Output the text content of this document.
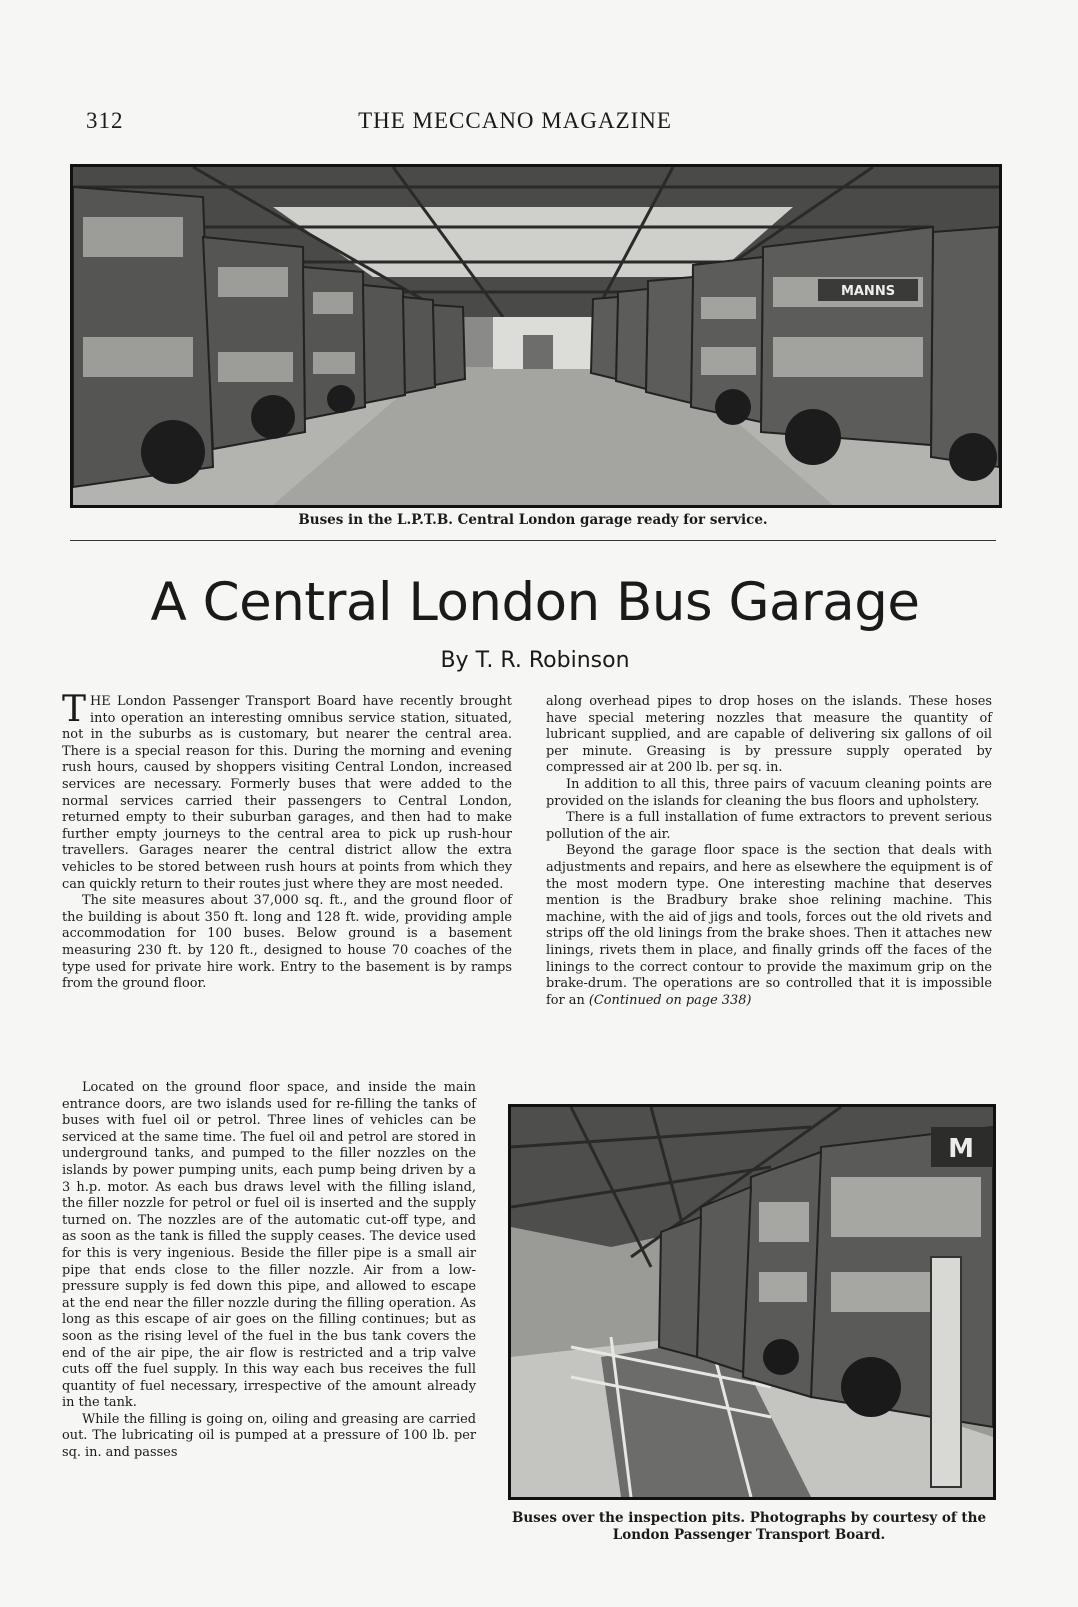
312	THE MECCANO MAGAZINE
MANNS
Buses in the L.P.T.B. Central London garage ready for service.
A Central London Bus Garage
By T. R. Robinson

THE London Passenger Transport Board have recently brought into operation an interesting omnibus service station, situated, not in the suburbs as is customary, but nearer the central area. There is a special reason for this. During the morning and evening rush hours, caused by shoppers visiting Central London, increased services are necessary. Formerly buses that were added to the normal services carried their passengers to Central London, returned empty to their suburban garages, and then had to make further empty journeys to the central area to pick up rush-hour travellers. Garages nearer the central district allow the extra vehicles to be stored between rush hours at points from which they can quickly return to their routes just where they are most needed.

The site measures about 37,000 sq. ft., and the ground floor of the building is about 350 ft. long and 128 ft. wide, providing ample accommodation for 100 buses. Below ground is a basement measuring 230 ft. by 120 ft., designed to house 70 coaches of the type used for private hire work. Entry to the basement is by ramps from the ground floor.

Located on the ground floor space, and inside the main entrance doors, are two islands used for re-filling the tanks of buses with fuel oil or petrol. Three lines of vehicles can be serviced at the same time. The fuel oil and petrol are stored in underground tanks, and pumped to the filler nozzles on the islands by power pumping units, each pump being driven by a 3 h.p. motor. As each bus draws level with the filling island, the filler nozzle for petrol or fuel oil is inserted and the supply turned on. The nozzles are of the automatic cut-off type, and as soon as the tank is filled the supply ceases. The device used for this is very ingenious. Beside the filler pipe is a small air pipe that ends close to the filler nozzle. Air from a low-pressure supply is fed down this pipe, and allowed to escape at the end near the filler nozzle during the filling operation. As long as this escape of air goes on the filling continues; but as soon as the rising level of the fuel in the bus tank covers the end of the air pipe, the air flow is restricted and a trip valve cuts off the fuel supply. In this way each bus receives the full quantity of fuel necessary, irrespective of the amount already in the tank.

While the filling is going on, oiling and greasing are carried out. The lubricating oil is pumped at a pressure of 100 lb. per sq. in. and passes

along overhead pipes to drop hoses on the islands. These hoses have special metering nozzles that measure the quantity of lubricant supplied, and are capable of delivering six gallons of oil per minute. Greasing is by pressure supply operated by compressed air at 200 lb. per sq. in.

In addition to all this, three pairs of vacuum cleaning points are provided on the islands for cleaning the bus floors and upholstery.

There is a full installation of fume extractors to prevent serious pollution of the air.

Beyond the garage floor space is the section that deals with adjustments and repairs, and here as elsewhere the equipment is of the most modern type. One interesting machine that deserves mention is the Bradbury brake shoe relining machine. This machine, with the aid of jigs and tools, forces out the old rivets and strips off the old linings from the brake shoes. Then it attaches new linings, rivets them in place, and finally grinds off the faces of the linings to the correct contour to provide the maximum grip on the brake-drum. The operations are so controlled that it is impossible for an (Continued on page 338)

M
Buses over the inspection pits. Photographs by courtesy of the London Passenger Transport Board.
